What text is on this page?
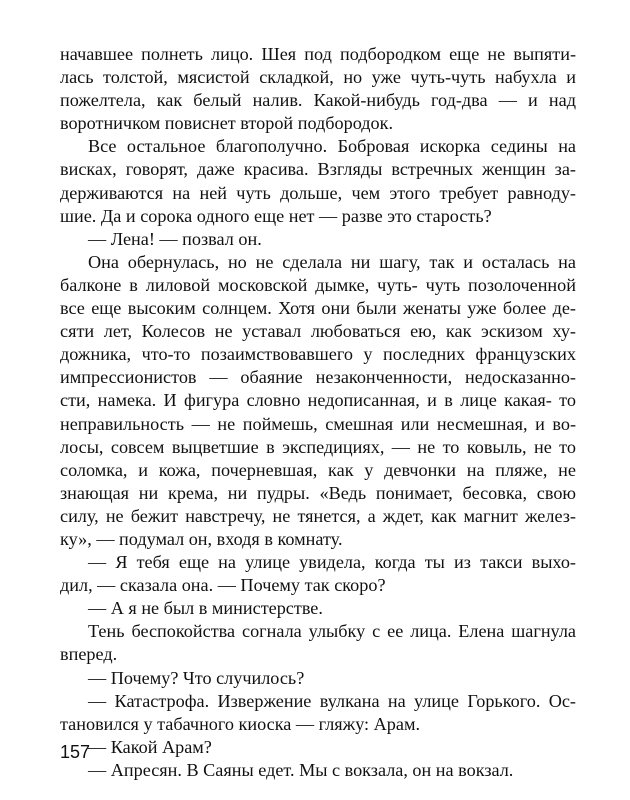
начавшее полнеть лицо. Шея под подбородком еще не выпяти-
лась толстой, мясистой складкой, но уже чуть-чуть набухла и
пожелтела, как белый налив. Какой-нибудь год-два — и над
воротничком повиснет второй подбородок.
Все остальное благополучно. Бобровая искорка седины на
висках, говорят, даже красива. Взгляды встречных женщин за-
держиваются на ней чуть дольше, чем этого требует равноду-
шие. Да и сорока одного еще нет — разве это старость?
— Лена! — позвал он.
Она обернулась, но не сделала ни шагу, так и осталась на
балконе в лиловой московской дымке, чуть- чуть позолоченной
все еще высоким солнцем. Хотя они были женаты уже более де-
сяти лет, Колесов не уставал любоваться ею, как эскизом ху-
дожника, что-то позаимствовавшего у последних французских
импрессионистов — обаяние незаконченности, недосказанно-
сти, намека. И фигура словно недописанная, и в лице какая- то
неправильность — не поймешь, смешная или несмешная, и во-
лосы, совсем выцветшие в экспедициях, — не то ковыль, не то
соломка, и кожа, почерневшая, как у девчонки на пляже, не
знающая ни крема, ни пудры. «Ведь понимает, бесовка, свою
силу, не бежит навстречу, не тянется, а ждет, как магнит желез-
ку», — подумал он, входя в комнату.
— Я тебя еще на улице увидела, когда ты из такси выхо-
дил, — сказала она. — Почему так скоро?
— А я не был в министерстве.
Тень беспокойства согнала улыбку с ее лица. Елена шагнула
вперед.
— Почему? Что случилось?
— Катастрофа. Извержение вулкана на улице Горького. Ос-
тановился у табачного киоска — гляжу: Арам.
— Какой Арам?
— Апресян. В Саяны едет. Мы с вокзала, он на вокзал.
157
